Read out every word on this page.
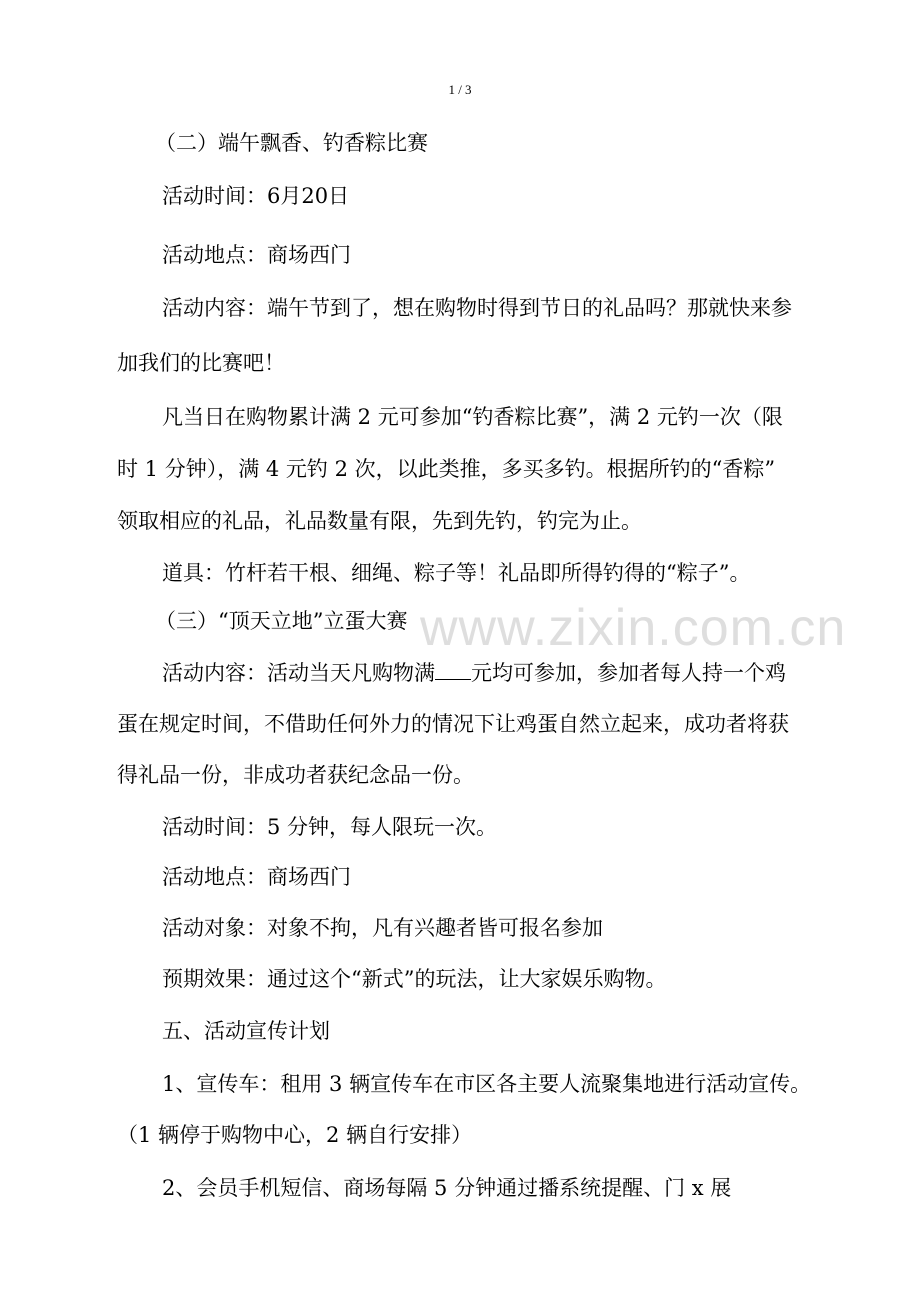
1 / 3
（二）端午飘香、钓香粽比赛
活动时间：6月20日
活动地点：商场西门
活动内容：端午节到了，想在购物时得到节日的礼品吗？那就快来参
加我们的比赛吧！
凡当日在购物累计满 2 元可参加“钓香粽比赛”，满 2 元钓一次（限
时 1 分钟），满 4 元钓 2 次，以此类推，多买多钓。根据所钓的“香粽”
领取相应的礼品，礼品数量有限，先到先钓，钓完为止。
道具：竹杆若干根、细绳、粽子等！礼品即所得钓得的“粽子”。
（三）“顶天立地”立蛋大赛
活动内容：活动当天凡购物满 元均可参加，参加者每人持一个鸡
蛋在规定时间，不借助任何外力的情况下让鸡蛋自然立起来，成功者将获
得礼品一份，非成功者获纪念品一份。
活动时间：5 分钟，每人限玩一次。
活动地点：商场西门
活动对象：对象不拘，凡有兴趣者皆可报名参加
预期效果：通过这个“新式”的玩法，让大家娱乐购物。
五、活动宣传计划
1、宣传车：租用 3 辆宣传车在市区各主要人流聚集地进行活动宣传。
（1 辆停于购物中心，2 辆自行安排）
2、会员手机短信、商场每隔 5 分钟通过播系统提醒、门 x 展
www.zixin.com.cn
